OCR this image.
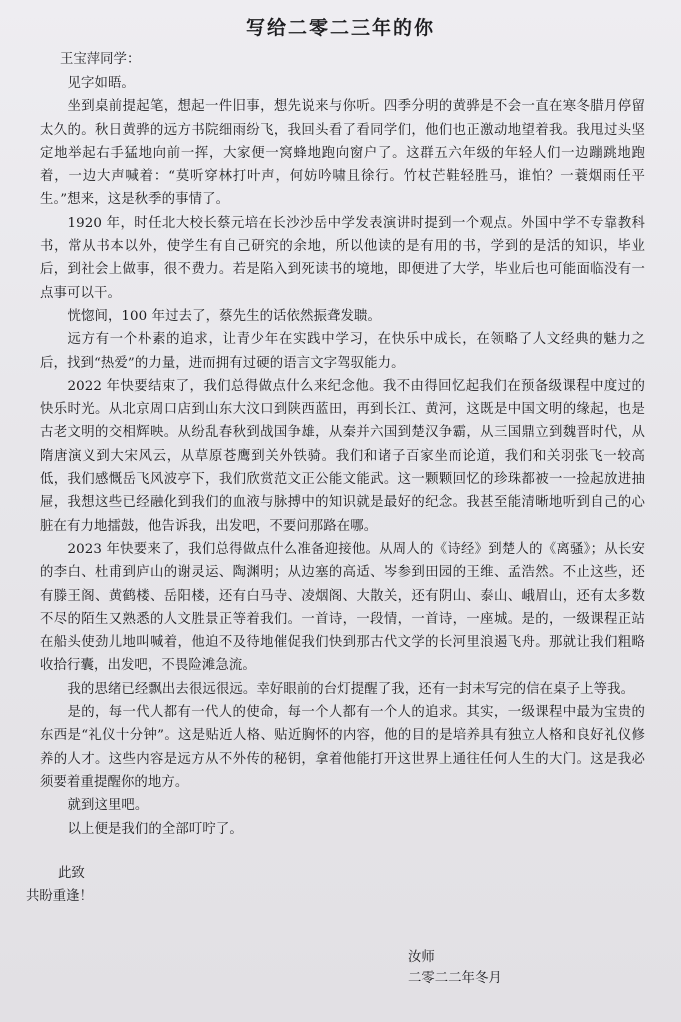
写给二零二三年的你
王宝萍同学：

见字如晤。

坐到桌前提起笔，想起一件旧事，想先说来与你听。四季分明的黄骅是不会一直在寒冬腊月停留太久的。秋日黄骅的远方书院细雨纷飞，我回头看了看同学们，他们也正激动地望着我。我甩过头坚定地举起右手猛地向前一挥，大家便一窝蜂地跑向窗户了。这群五六年级的年轻人们一边蹦跳地跑着，一边大声喊着：“莫听穿林打叶声，何妨吟啸且徐行。竹杖芒鞋轻胜马，谁怕？一蓑烟雨任平生。”想来，这是秋季的事情了。

1920 年，时任北大校长蔡元培在长沙沙岳中学发表演讲时提到一个观点。外国中学不专靠教科书，常从书本以外，使学生有自己研究的余地，所以他读的是有用的书，学到的是活的知识，毕业后，到社会上做事，很不费力。若是陷入到死读书的境地，即便进了大学，毕业后也可能面临没有一点事可以干。

恍惚间，100 年过去了，蔡先生的话依然振聋发聩。

远方有一个朴素的追求，让青少年在实践中学习，在快乐中成长，在领略了人文经典的魅力之后，找到“热爱”的力量，进而拥有过硬的语言文字驾驭能力。

2022 年快要结束了，我们总得做点什么来纪念他。我不由得回忆起我们在预备级课程中度过的快乐时光。从北京周口店到山东大汶口到陕西蓝田，再到长江、黄河，这既是中国文明的缘起，也是古老文明的交相辉映。从纷乱春秋到战国争雄，从秦并六国到楚汉争霸，从三国鼎立到魏晋时代，从隋唐演义到大宋风云，从草原苍鹰到关外铁骑。我们和诸子百家坐而论道，我们和关羽张飞一较高低，我们感慨岳飞风波亭下，我们欣赏范文正公能文能武。这一颗颗回忆的珍珠都被一一捡起放进抽屉，我想这些已经融化到我们的血液与脉搏中的知识就是最好的纪念。我甚至能清晰地听到自己的心脏在有力地擂鼓，他告诉我，出发吧，不要问那路在哪。

2023 年快要来了，我们总得做点什么准备迎接他。从周人的《诗经》到楚人的《离骚》；从长安的李白、杜甫到庐山的谢灵运、陶渊明；从边塞的高适、岑参到田园的王维、孟浩然。不止这些，还有滕王阁、黄鹤楼、岳阳楼，还有白马寺、凌烟阁、大散关，还有阴山、泰山、峨眉山，还有太多数不尽的陌生又熟悉的人文胜景正等着我们。一首诗，一段情，一首诗，一座城。是的，一级课程正站在船头使劲儿地叫喊着，他迫不及待地催促我们快到那古代文学的长河里浪遏飞舟。那就让我们粗略收拾行囊，出发吧，不畏险滩急流。

我的思绪已经飘出去很远很远。幸好眼前的台灯提醒了我，还有一封未写完的信在桌子上等我。

是的，每一代人都有一代人的使命，每一个人都有一个人的追求。其实，一级课程中最为宝贵的东西是“礼仪十分钟”。这是贴近人格、贴近胸怀的内容，他的目的是培养具有独立人格和良好礼仪修养的人才。这些内容是远方从不外传的秘钥，拿着他能打开这世界上通往任何人生的大门。这是我必须要着重提醒你的地方。

就到这里吧。

以上便是我们的全部叮咛了。

此致
共盼重逢！
汝师
二零二二年冬月
